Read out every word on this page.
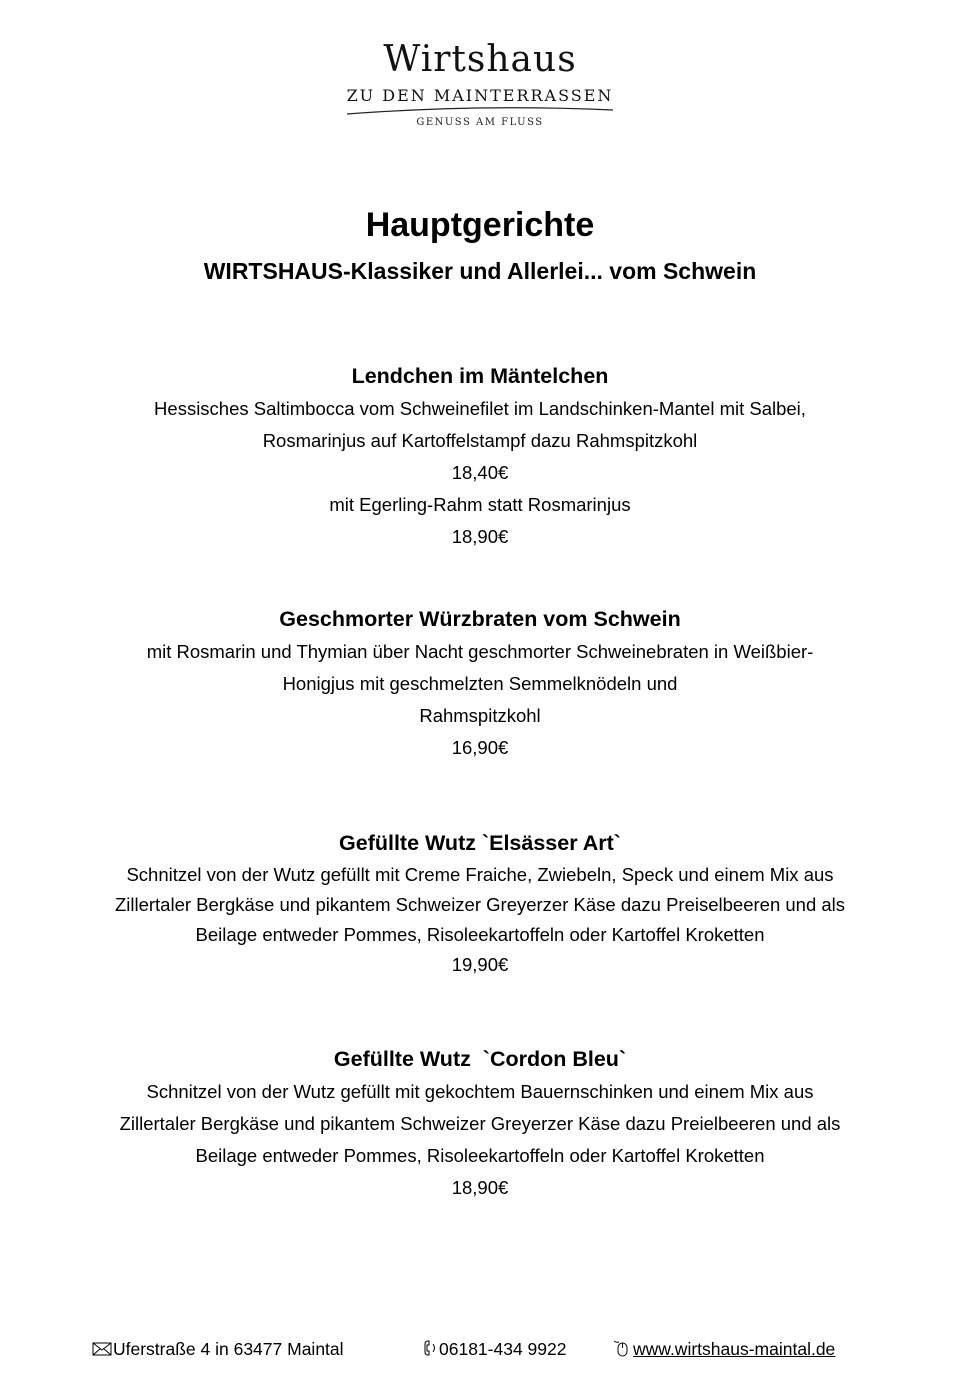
Wirtshaus
ZU DEN MAINTERRASSEN
GENUSS AM FLUSS
Hauptgerichte
WIRTSHAUS-Klassiker und Allerlei... vom Schwein

Lendchen im Mäntelchen

Hessisches Saltimbocca vom Schweinefilet im Landschinken-Mantel mit Salbei,

Rosmarinjus auf Kartoffelstampf dazu Rahmspitzkohl

18,40€

mit Egerling-Rahm statt Rosmarinjus

18,90€

Geschmorter Würzbraten vom Schwein

mit Rosmarin und Thymian über Nacht geschmorter Schweinebraten in Weißbier-

Honigjus mit geschmelzten Semmelknödeln und

Rahmspitzkohl

16,90€

Gefüllte Wutz `Elsässer Art`

Schnitzel von der Wutz gefüllt mit Creme Fraiche, Zwiebeln, Speck und einem Mix aus

Zillertaler Bergkäse und pikantem Schweizer Greyerzer Käse dazu Preiselbeeren und als

Beilage entweder Pommes, Risoleekartoffeln oder Kartoffel Kroketten

19,90€

Gefüllte Wutz  `Cordon Bleu`

Schnitzel von der Wutz gefüllt mit gekochtem Bauernschinken und einem Mix aus

Zillertaler Bergkäse und pikantem Schweizer Greyerzer Käse dazu Preielbeeren und als

Beilage entweder Pommes, Risoleekartoffeln oder Kartoffel Kroketten

18,90€

Uferstraße 4 in 63477 Maintal	06181-434 9922	www.wirtshaus-maintal.de
